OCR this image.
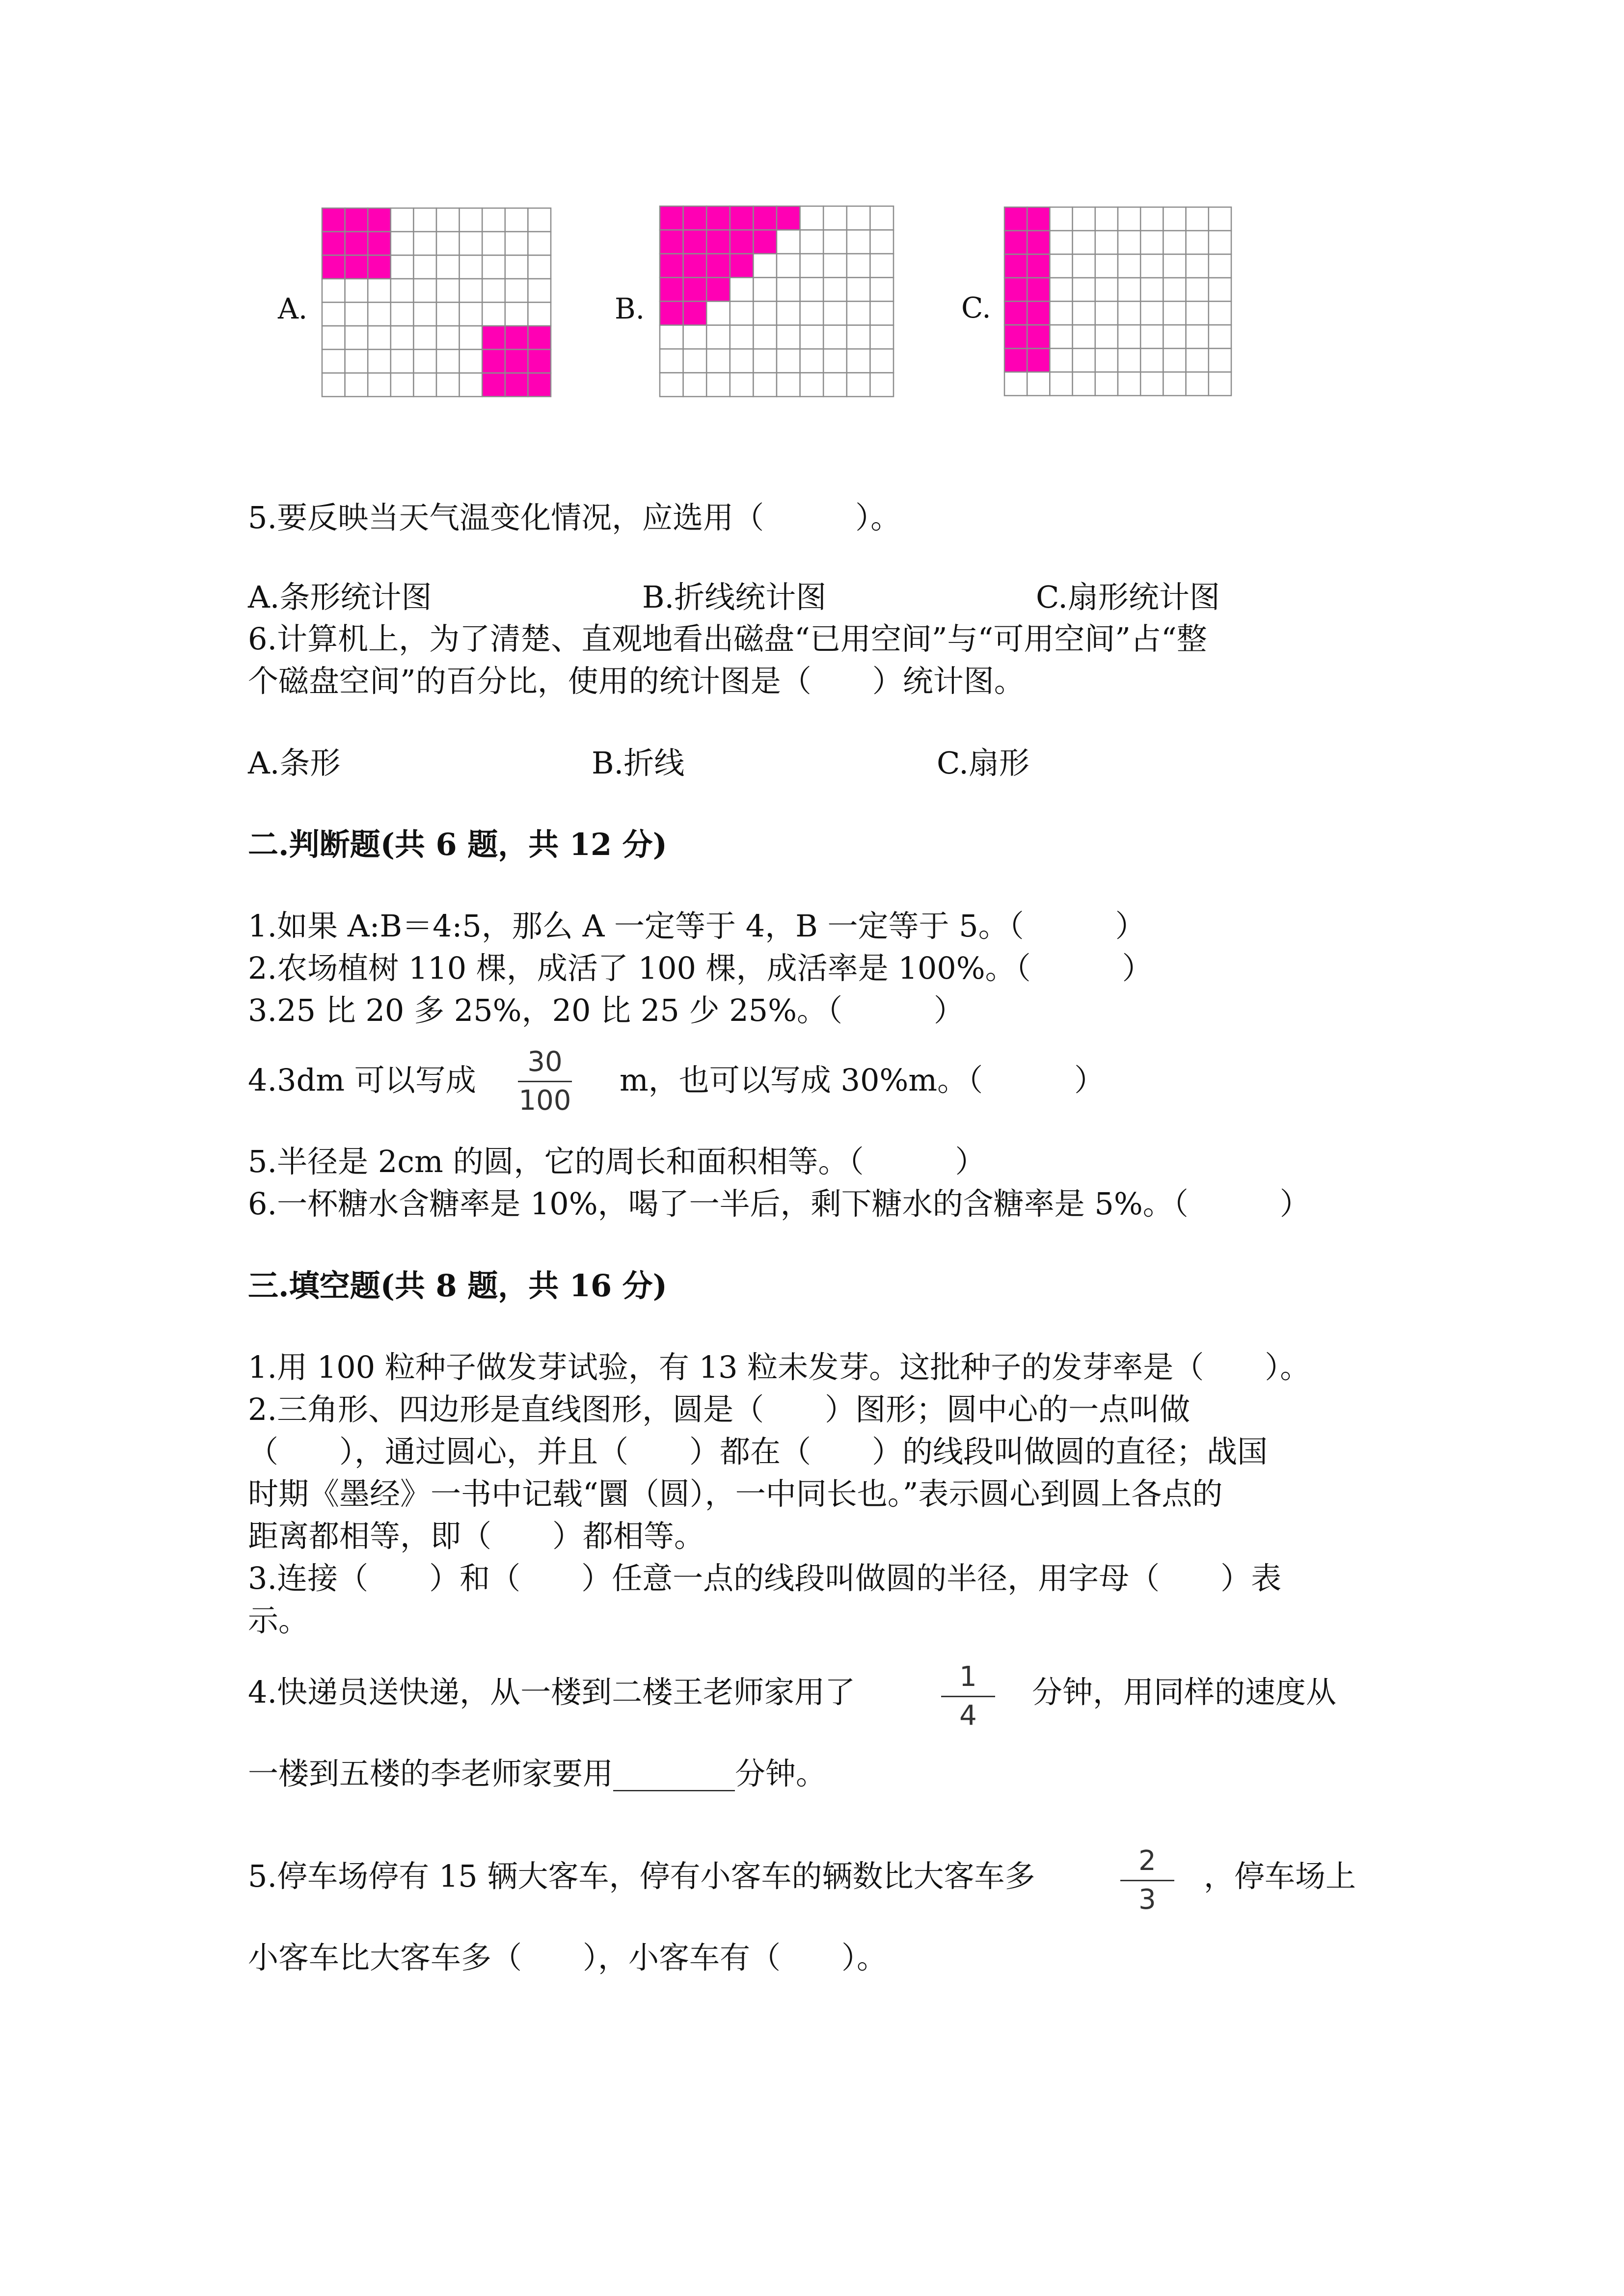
A.	B.	C.
5.要反映当天气温变化情况，应选用（　　　）。
A.条形统计图	B.折线统计图	C.扇形统计图
6.计算机上，为了清楚、直观地看出磁盘“已用空间”与“可用空间”占“整
个磁盘空间”的百分比，使用的统计图是（　　）统计图。
A.条形	B.折线	C.扇形
二.判断题(共 6 题，共 12 分)
1.如果 A:B＝4:5，那么 A 一定等于 4，B 一定等于 5。（　　　）
2.农场植树 110 棵，成活了 100 棵，成活率是 100%。（　　　）
3.25 比 20 多 25%，20 比 25 少 25%。（　　　）
4.3dm 可以写成
30
100
m，也可以写成 30%m。（　　　）
5.半径是 2cm 的圆，它的周长和面积相等。（　　　）
6.一杯糖水含糖率是 10%，喝了一半后，剩下糖水的含糖率是 5%。（　　　）
三.填空题(共 8 题，共 16 分)
1.用 100 粒种子做发芽试验，有 13 粒未发芽。这批种子的发芽率是（　　）。
2.三角形、四边形是直线图形，圆是（　　）图形；圆中心的一点叫做
（　　），通过圆心，并且（　　）都在（　　）的线段叫做圆的直径；战国
时期《墨经》一书中记载“圜（圆），一中同长也。”表示圆心到圆上各点的
距离都相等，即（　　）都相等。
3.连接（　　）和（　　）任意一点的线段叫做圆的半径，用字母（　　）表
示。
4.快递员送快递，从一楼到二楼王老师家用了	1
4
分钟，用同样的速度从
一楼到五楼的李老师家要用________分钟。
5.停车场停有 15 辆大客车，停有小客车的辆数比大客车多	2
3
，停车场上
小客车比大客车多（　　），小客车有（　　）。
